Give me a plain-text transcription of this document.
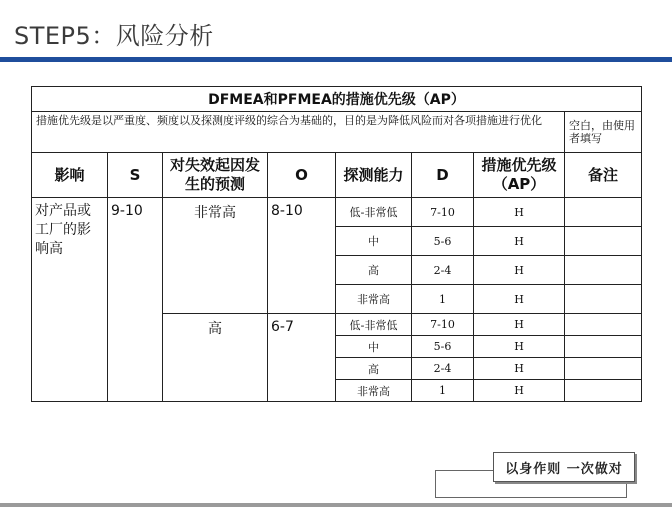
STEP5：风险分析
DFMEA和PFMEA的措施优先级（AP）							
措施优先级是以严重度、频度以及探测度评级的综合为基础的，目的是为降低风险而对各项措施进行优化							空白，由使用者填写
影响	S	对失效起因发生的预测	O	探测能力	D	措施优先级（AP）	备注
对产品或工厂的影响高	9-10	非常高	8-10	低-非常低	7-10	H	
				中	5-6	H	
				高	2-4	H	
				非常高	1	H	
		高	6-7	低-非常低	7-10	H	
				中	5-6	H	
				高	2-4	H	
				非常高	1	H	
以身作则 一次做对
